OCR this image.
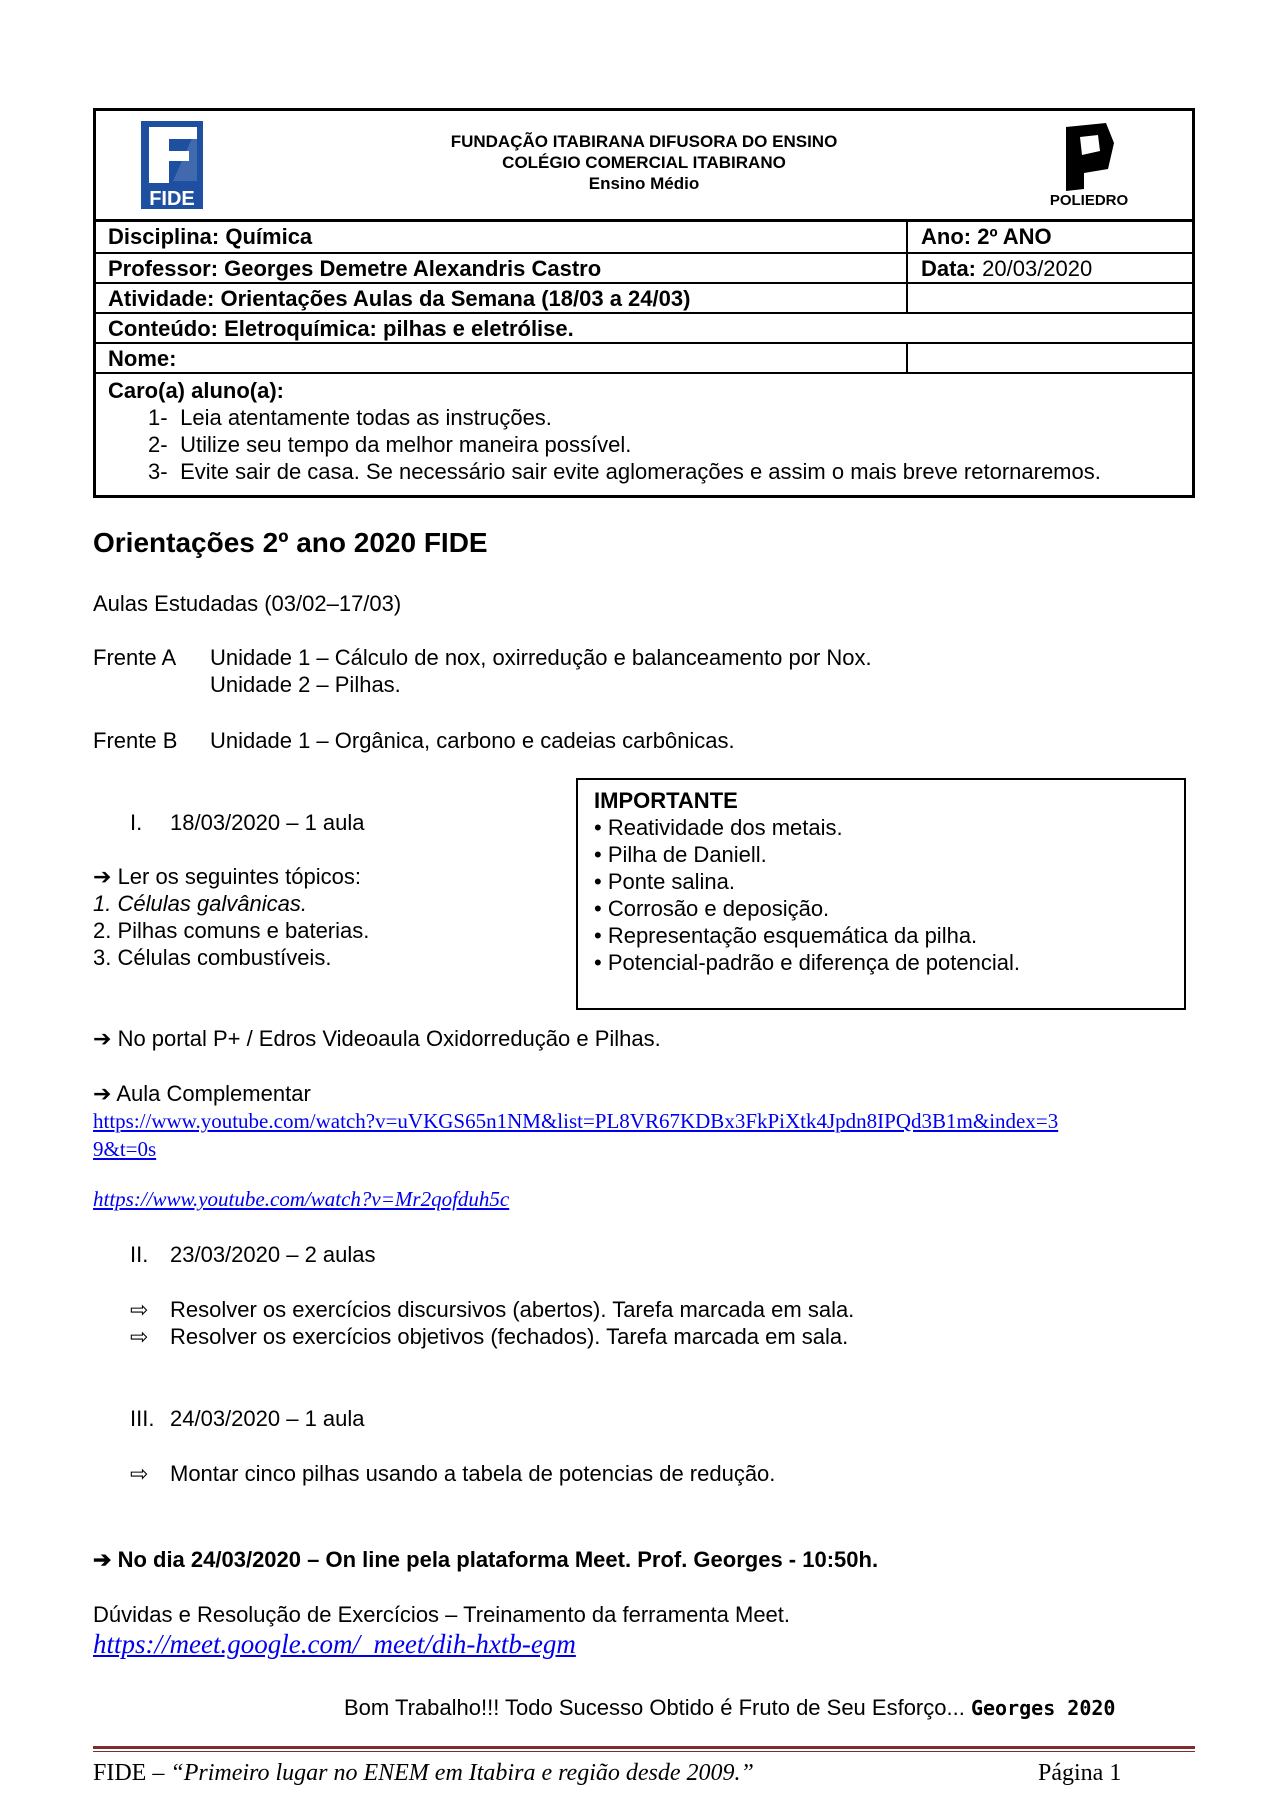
FIDE
FUNDAÇÃO ITABIRANA DIFUSORA DO ENSINO
COLÉGIO COMERCIAL ITABIRANO
Ensino Médio
POLIEDRO
Disciplina: Química	Ano: 2º ANO
Professor: Georges Demetre Alexandris Castro	Data: 20/03/2020
Atividade: Orientações Aulas da Semana (18/03 a 24/03)
Conteúdo: Eletroquímica: pilhas e eletrólise.
Nome:
Caro(a) aluno(a):
1- Leia atentamente todas as instruções.
2- Utilize seu tempo da melhor maneira possível.
3- Evite sair de casa. Se necessário sair evite aglomerações e assim o mais breve retornaremos.
Orientações 2º ano 2020 FIDE
Aulas Estudadas (03/02–17/03)
Frente A Unidade 1 – Cálculo de nox, oxirredução e balanceamento por Nox.
Unidade 2 – Pilhas.
Frente B Unidade 1 – Orgânica, carbono e cadeias carbônicas.
I. 18/03/2020 – 1 aula
➔ Ler os seguintes tópicos:
1. Células galvânicas.
2. Pilhas comuns e baterias.
3. Células combustíveis.
IMPORTANTE
• Reatividade dos metais.
• Pilha de Daniell.
• Ponte salina.
• Corrosão e deposição.
• Representação esquemática da pilha.
• Potencial-padrão e diferença de potencial.
➔ No portal P+ / Edros Videoaula Oxidorredução e Pilhas.
➔ Aula Complementar
https://www.youtube.com/watch?v=uVKGS65n1NM&list=PL8VR67KDBx3FkPiXtk4Jpdn8IPQd3B1m&index=3
9&t=0s
https://www.youtube.com/watch?v=Mr2qofduh5c
II. 23/03/2020 – 2 aulas
⇨ Resolver os exercícios discursivos (abertos). Tarefa marcada em sala.
⇨ Resolver os exercícios objetivos (fechados). Tarefa marcada em sala.
III. 24/03/2020 – 1 aula
⇨ Montar cinco pilhas usando a tabela de potencias de redução.
➔ No dia 24/03/2020 – On line pela plataforma Meet. Prof. Georges - 10:50h.
Dúvidas e Resolução de Exercícios – Treinamento da ferramenta Meet.
https://meet.google.com/_meet/dih-hxtb-egm
Bom Trabalho!!! Todo Sucesso Obtido é Fruto de Seu Esforço... Georges 2020
FIDE – “Primeiro lugar no ENEM em Itabira e região desde 2009.”	Página 1
